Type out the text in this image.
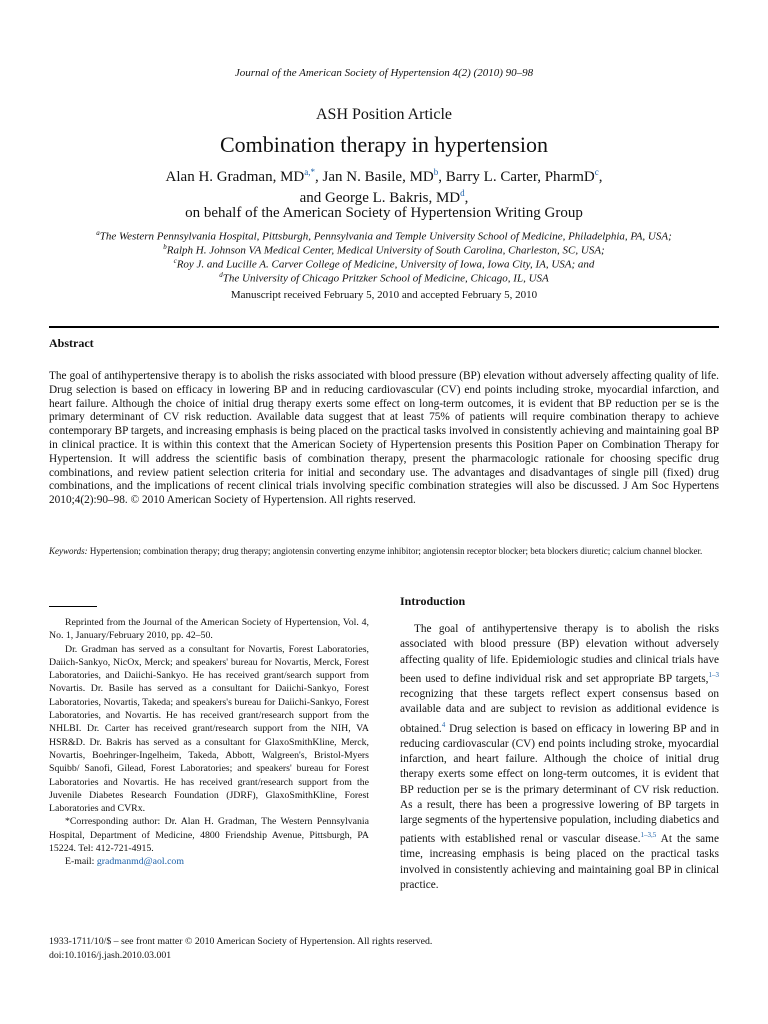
Journal of the American Society of Hypertension 4(2) (2010) 90–98
ASH Position Article
Combination therapy in hypertension
Alan H. Gradman, $MD^{a,*}$, Jan N. Basile, $MD^b$, Barry L. Carter, PharmD$^c$,
and George L. Bakris, $MD^d$,
on behalf of the American Society of Hypertension Writing Group
$^a$The Western Pennsylvania Hospital, Pittsburgh, Pennsylvania and Temple University School of Medicine, Philadelphia, PA, USA;
$^b$Ralph H. Johnson VA Medical Center, Medical University of South Carolina, Charleston, SC, USA;
$^c$Roy J. and Lucille A. Carver College of Medicine, University of Iowa, Iowa City, IA, USA; and
$^d$The University of Chicago Pritzker School of Medicine, Chicago, IL, USA
Manuscript received February 5, 2010 and accepted February 5, 2010
Abstract
The goal of antihypertensive therapy is to abolish the risks associated with blood pressure (BP) elevation without adversely affecting quality of life. Drug selection is based on efficacy in lowering BP and in reducing cardiovascular (CV) end points including stroke, myocardial infarction, and heart failure. Although the choice of initial drug therapy exerts some effect on long-term outcomes, it is evident that BP reduction per se is the primary determinant of CV risk reduction. Available data suggest that at least 75% of patients will require combination therapy to achieve contemporary BP targets, and increasing emphasis is being placed on the practical tasks involved in consistently achieving and maintaining goal BP in clinical practice. It is within this context that the American Society of Hypertension presents this Position Paper on Combination Therapy for Hypertension. It will address the scientific basis of combination therapy, present the pharmacologic rationale for choosing specific drug combinations, and review patient selection criteria for initial and secondary use. The advantages and disadvantages of single pill (fixed) drug combinations, and the implications of recent clinical trials involving specific combination strategies will also be discussed. J Am Soc Hypertens 2010;4(2):90–98. © 2010 American Society of Hypertension. All rights reserved.
Keywords: Hypertension; combination therapy; drug therapy; angiotensin converting enzyme inhibitor; angiotensin receptor blocker; beta blockers diuretic; calcium channel blocker.

Reprinted from the Journal of the American Society of Hypertension, Vol. 4, No. 1, January/February 2010, pp. 42–50.

Dr. Gradman has served as a consultant for Novartis, Forest Laboratories, Daiich-Sankyo, NicOx, Merck; and speakers' bureau for Novartis, Merck, Forest Laboratories, and Daiichi-Sankyo. He has received grant/search support from Novartis. Dr. Basile has served as a consultant for Daiichi-Sankyo, Forest Laboratories, Novartis, Takeda; and speakers's bureau for Daiichi-Sankyo, Forest Laboratories, and Novartis. He has received grant/research support from the NHLBI. Dr. Carter has received grant/research support from the NIH, VA HSR&D. Dr. Bakris has served as a consultant for GlaxoSmithKline, Merck, Novartis, Boehringer-Ingelheim, Takeda, Abbott, Walgreen's, Bristol-Myers Squibb/ Sanofi, Gilead, Forest Laboratories; and speakers' bureau for Forest Laboratories and Novartis. He has received grant/research support from the Juvenile Diabetes Research Foundation (JDRF), GlaxoSmithKline, Forest Laboratories and CVRx.

*Corresponding author: Dr. Alan H. Gradman, The Western Pennsylvania Hospital, Department of Medicine, 4800 Friendship Avenue, Pittsburgh, PA 15224. Tel: 412-721-4915.

E-mail: gradmanmd@aol.com

Introduction
The goal of antihypertensive therapy is to abolish the risks associated with blood pressure (BP) elevation without adversely affecting quality of life. Epidemiologic studies and clinical trials have been used to define individual risk and set appropriate BP targets,$^{1-3}$ recognizing that these targets reflect expert consensus based on available data and are subject to revision as additional evidence is obtained.$^4$ Drug selection is based on efficacy in lowering BP and in reducing cardiovascular (CV) end points including stroke, myocardial infarction, and heart failure. Although the choice of initial drug therapy exerts some effect on long-term outcomes, it is evident that BP reduction per se is the primary determinant of CV risk reduction. As a result, there has been a progressive lowering of BP targets in large segments of the hypertensive population, including diabetics and patients with established renal or vascular disease.$^{1-3,5}$ At the same time, increasing emphasis is being placed on the practical tasks involved in consistently achieving and maintaining goal BP in clinical practice.
1933-1711/10/$ – see front matter © 2010 American Society of Hypertension. All rights reserved.
doi:10.1016/j.jash.2010.03.001
